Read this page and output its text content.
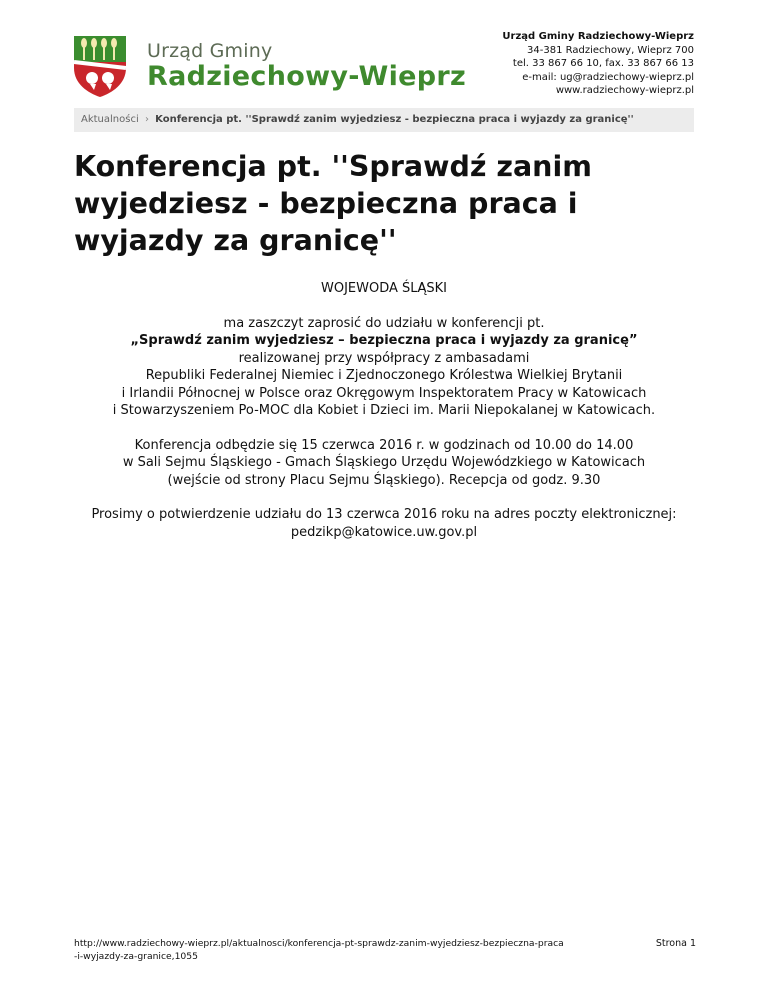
Urząd Gminy
Radziechowy-Wieprz
Urząd Gminy Radziechowy-Wieprz
34-381 Radziechowy, Wieprz 700
tel. 33 867 66 10, fax. 33 867 66 13
e-mail: ug@radziechowy-wieprz.pl
www.radziechowy-wieprz.pl
Aktualności › Konferencja pt. ''Sprawdź zanim wyjedziesz - bezpieczna praca i wyjazdy za granicę''
Konferencja pt. ''Sprawdź zanim wyjedziesz - bezpieczna praca i wyjazdy za granicę''

WOJEWODA ŚLĄSKI

ma zaszczyt zaprosić do udziału w konferencji pt.

„Sprawdź zanim wyjedziesz – bezpieczna praca i wyjazdy za granicę”

realizowanej przy współpracy z ambasadami

Republiki Federalnej Niemiec i Zjednoczonego Królestwa Wielkiej Brytanii

i Irlandii Północnej w Polsce oraz Okręgowym Inspektoratem Pracy w Katowicach

i Stowarzyszeniem Po-MOC dla Kobiet i Dzieci im. Marii Niepokalanej w Katowicach.

Konferencja odbędzie się 15 czerwca 2016 r. w godzinach od 10.00 do 14.00

w Sali Sejmu Śląskiego - Gmach Śląskiego Urzędu Wojewódzkiego w Katowicach

(wejście od strony Placu Sejmu Śląskiego). Recepcja od godz. 9.30

Prosimy o potwierdzenie udziału do 13 czerwca 2016 roku na adres poczty elektronicznej:

pedzikp@katowice.uw.gov.pl

http://www.radziechowy-wieprz.pl/aktualnosci/konferencja-pt-sprawdz-zanim-wyjedziesz-bezpieczna-praca
-i-wyjazdy-za-granice,1055
Strona 1
